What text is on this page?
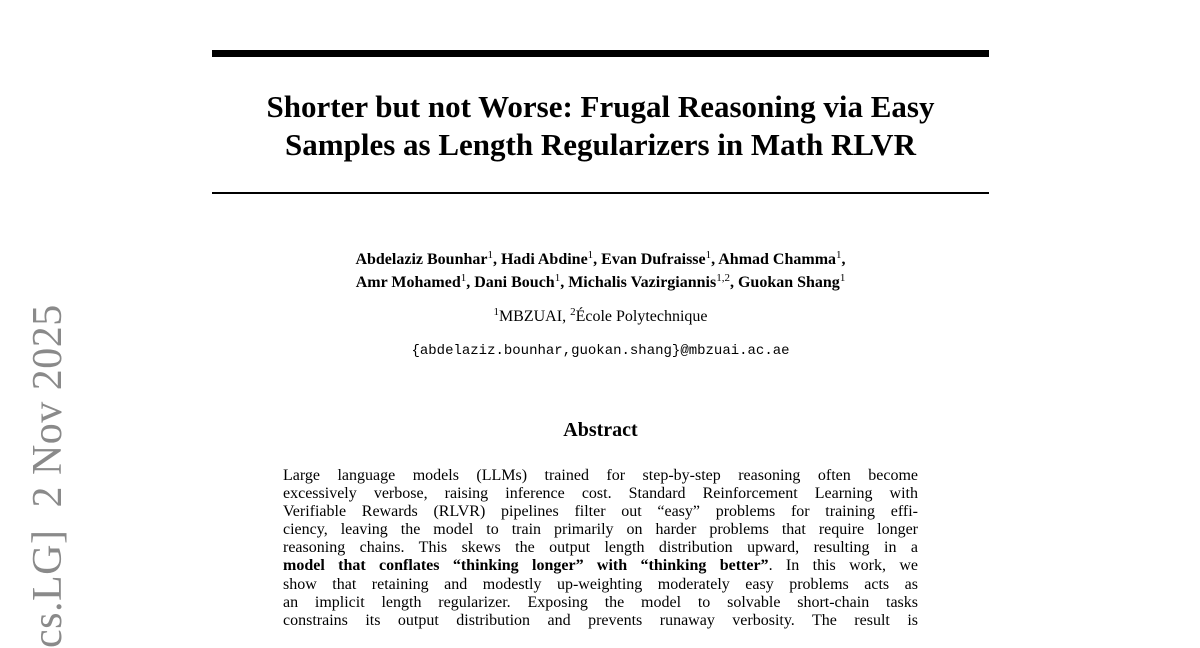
cs.LG]2 Nov 2025
Shorter but not Worse: Frugal Reasoning via Easy
Samples as Length Regularizers in Math RLVR
Abdelaziz Bounhar$^1$, Hadi Abdine$^1$, Evan Dufraisse$^1$, Ahmad Chamma$^1$,
Amr Mohamed$^1$, Dani Bouch$^1$, Michalis Vazirgiannis$^{1,2}$, Guokan Shang$^1$
$^1$MBZUAI, $^2$École Polytechnique
{abdelaziz.bounhar,guokan.shang}@mbzuai.ac.ae
Abstract

Large language models (LLMs) trained for step-by-step reasoning often become
excessively verbose, raising inference cost. Standard Reinforcement Learning with
Verifiable Rewards (RLVR) pipelines filter out “easy” problems for training effi-
ciency, leaving the model to train primarily on harder problems that require longer
reasoning chains. This skews the output length distribution upward, resulting in a
model that conflates “thinking longer” with “thinking better”. In this work, we
show that retaining and modestly up-weighting moderately easy problems acts as
an implicit length regularizer. Exposing the model to solvable short-chain tasks
constrains its output distribution and prevents runaway verbosity. The result is
